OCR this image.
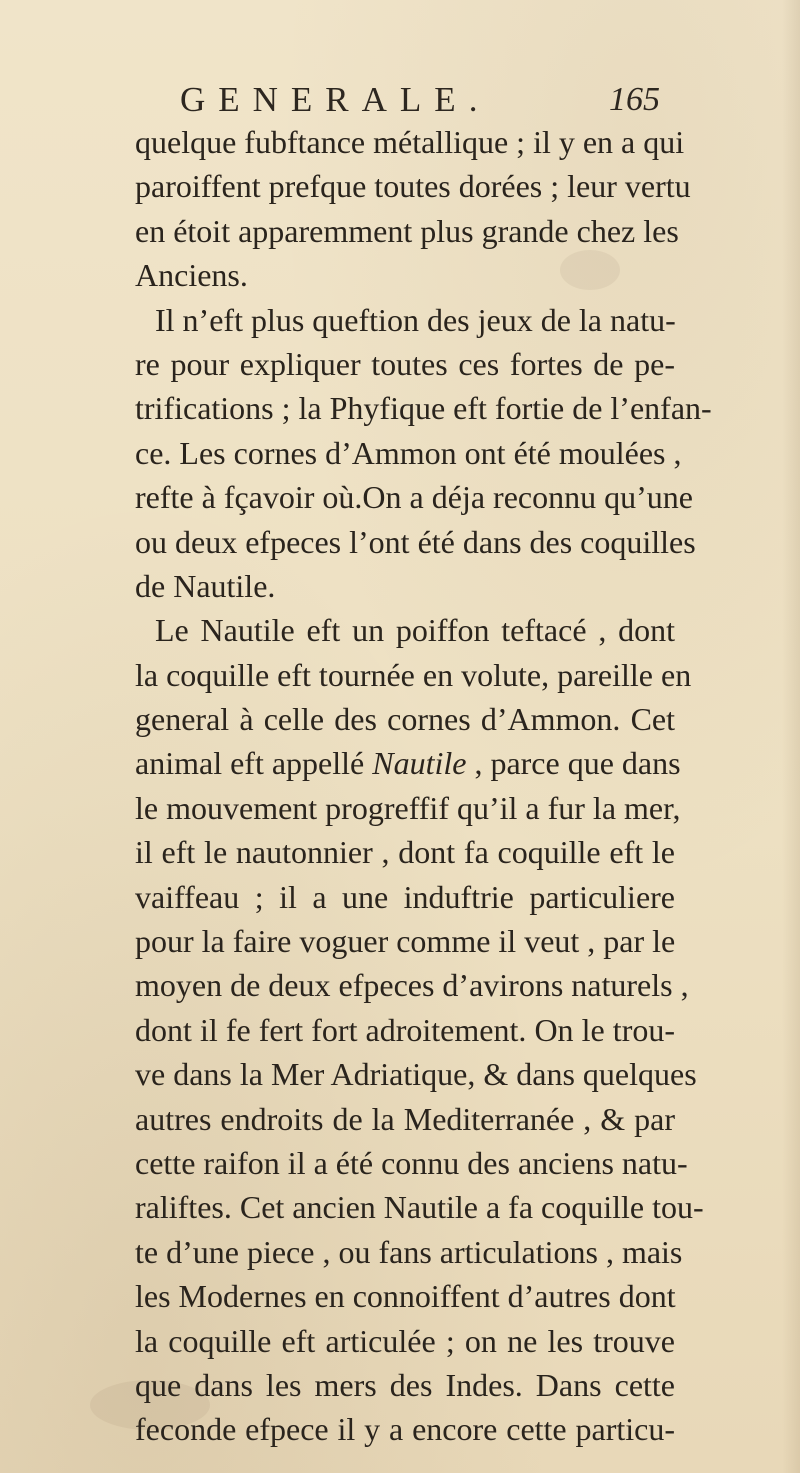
GENERALE.	165
quelque fubftance métallique ; il y en a qui
paroiffent prefque toutes dorées ; leur vertu
en étoit apparemment plus grande chez les
Anciens.
Il n’eft plus queftion des jeux de la natu-
re pour expliquer toutes ces fortes de pe-
trifications ; la Phyfique eft fortie de l’enfan-
ce. Les cornes d’Ammon ont été moulées ,
refte à fçavoir où.On a déja reconnu qu’une
ou deux efpeces l’ont été dans des coquilles
de Nautile.
Le Nautile eft un poiffon teftacé , dont
la coquille eft tournée en volute, pareille en
general à celle des cornes d’Ammon. Cet
animal eft appellé Nautile , parce que dans
le mouvement progreffif qu’il a fur la mer,
il eft le nautonnier , dont fa coquille eft le
vaiffeau ; il a une induftrie particuliere
pour la faire voguer comme il veut , par le
moyen de deux efpeces d’avirons naturels ,
dont il fe fert fort adroitement. On le trou-
ve dans la Mer Adriatique, & dans quelques
autres endroits de la Mediterranée , & par
cette raifon il a été connu des anciens natu-
raliftes. Cet ancien Nautile a fa coquille tou-
te d’une piece , ou fans articulations , mais
les Modernes en connoiffent d’autres dont
la coquille eft articulée ; on ne les trouve
que dans les mers des Indes. Dans cette
feconde efpece il y a encore cette particu-
